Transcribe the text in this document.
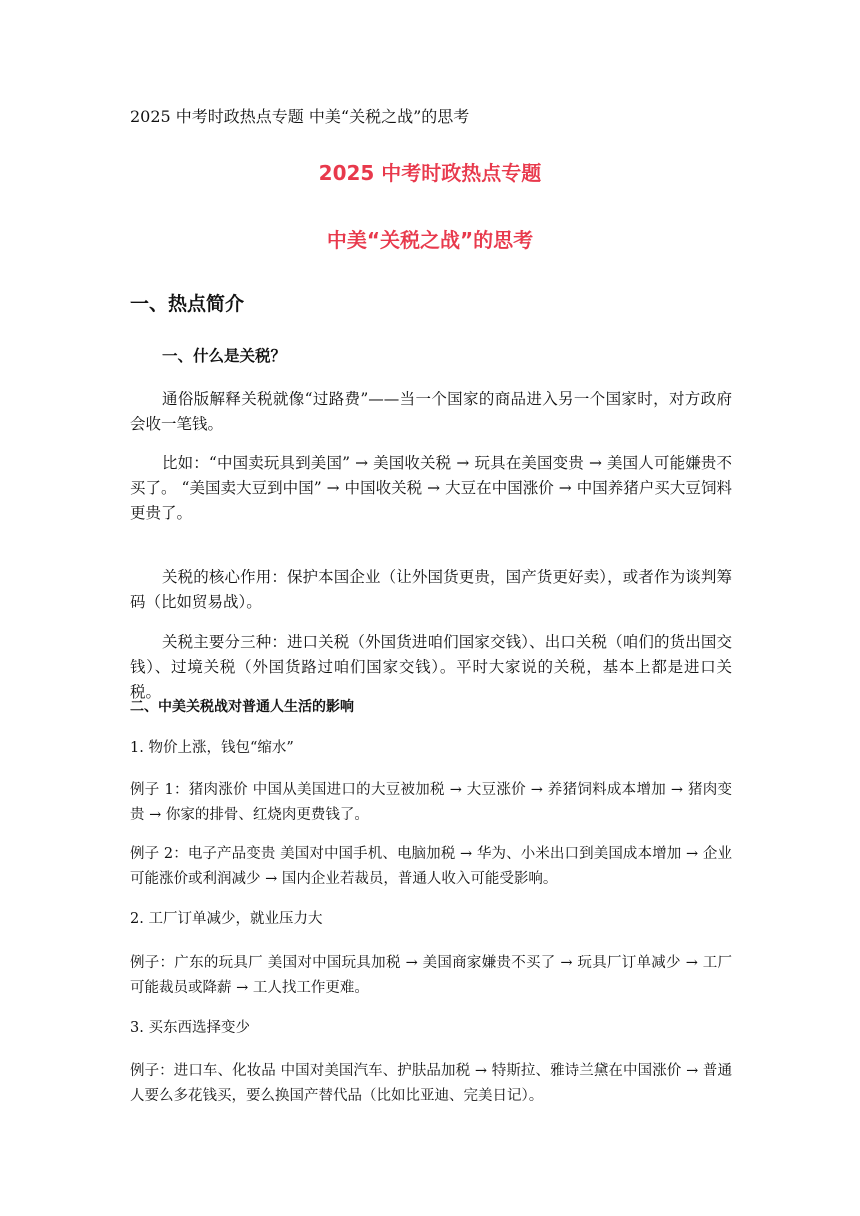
2025 中考时政热点专题 中美“关税之战”的思考
2025 中考时政热点专题
中美“关税之战”的思考
一、热点简介
一、什么是关税？
通俗版解释关税就像“过路费”——当一个国家的商品进入另一个国家时，对方政府会收一笔钱。
比如：“中国卖玩具到美国” → 美国收关税 → 玩具在美国变贵 → 美国人可能嫌贵不买了。 “美国卖大豆到中国” → 中国收关税 → 大豆在中国涨价 → 中国养猪户买大豆饲料更贵了。
关税的核心作用：保护本国企业（让外国货更贵，国产货更好卖），或者作为谈判筹码（比如贸易战）。
关税主要分三种：进口关税（外国货进咱们国家交钱）、出口关税（咱们的货出国交钱）、过境关税（外国货路过咱们国家交钱）。平时大家说的关税，基本上都是进口关税。
二、中美关税战对普通人生活的影响
1. 物价上涨，钱包“缩水”
例子 1：猪肉涨价 中国从美国进口的大豆被加税 → 大豆涨价 → 养猪饲料成本增加 → 猪肉变贵 → 你家的排骨、红烧肉更费钱了。
例子 2：电子产品变贵 美国对中国手机、电脑加税 → 华为、小米出口到美国成本增加 → 企业可能涨价或利润减少 → 国内企业若裁员，普通人收入可能受影响。
2. 工厂订单减少，就业压力大
例子：广东的玩具厂 美国对中国玩具加税 → 美国商家嫌贵不买了 → 玩具厂订单减少 → 工厂可能裁员或降薪 → 工人找工作更难。
3. 买东西选择变少
例子：进口车、化妆品 中国对美国汽车、护肤品加税 → 特斯拉、雅诗兰黛在中国涨价 → 普通人要么多花钱买，要么换国产替代品（比如比亚迪、完美日记）。
